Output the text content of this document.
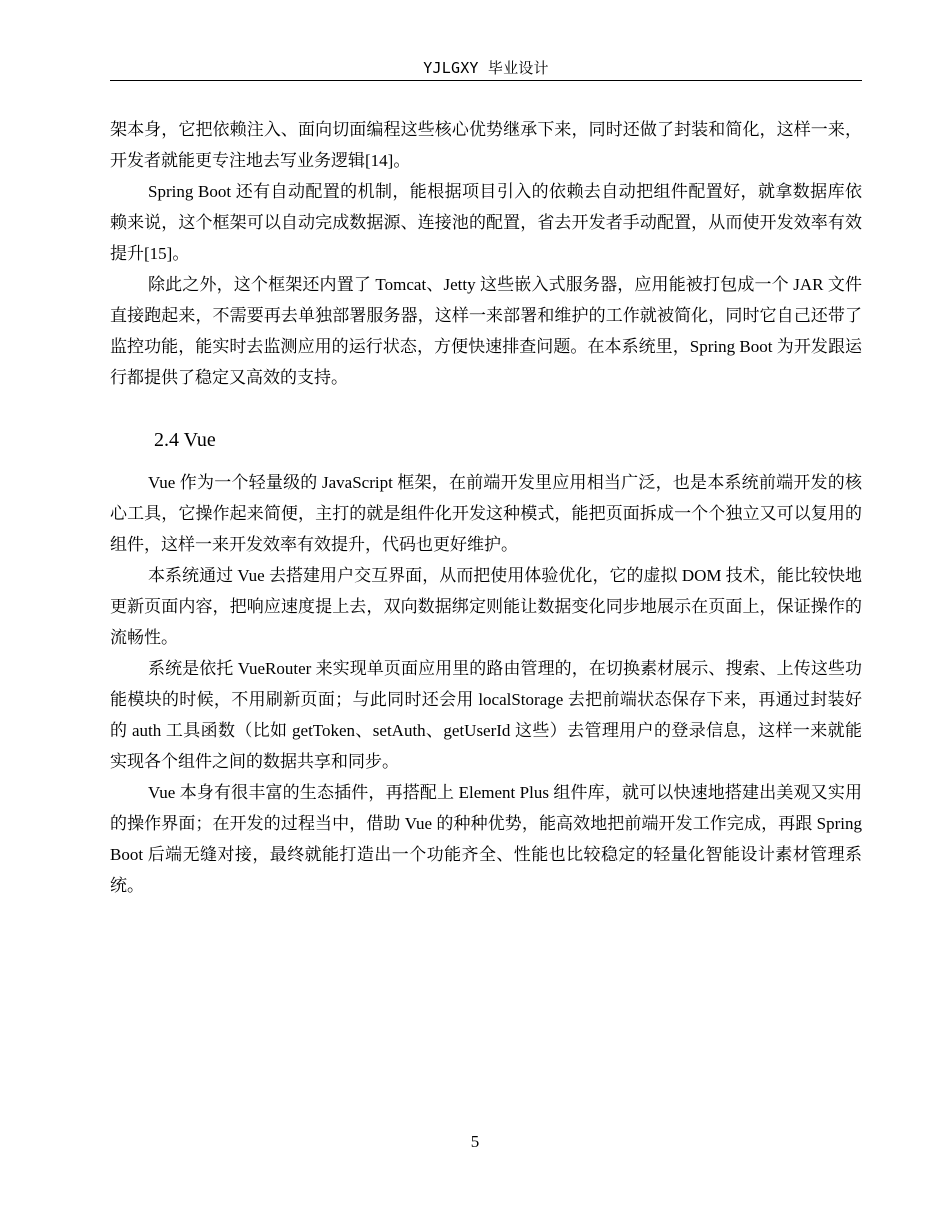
YJLGXY 毕业设计

架本身，它把依赖注入、面向切面编程这些核心优势继承下来，同时还做了封装和简化，这样一来，开发者就能更专注地去写业务逻辑[14]。

Spring Boot 还有自动配置的机制，能根据项目引入的依赖去自动把组件配置好，就拿数据库依赖来说，这个框架可以自动完成数据源、连接池的配置，省去开发者手动配置，从而使开发效率有效提升[15]。

除此之外，这个框架还内置了 Tomcat、Jetty 这些嵌入式服务器，应用能被打包成一个 JAR 文件直接跑起来，不需要再去单独部署服务器，这样一来部署和维护的工作就被简化，同时它自己还带了监控功能，能实时去监测应用的运行状态，方便快速排查问题。在本系统里，Spring Boot 为开发跟运行都提供了稳定又高效的支持。

2.4 Vue

Vue 作为一个轻量级的 JavaScript 框架，在前端开发里应用相当广泛，也是本系统前端开发的核心工具，它操作起来简便，主打的就是组件化开发这种模式，能把页面拆成一个个独立又可以复用的组件，这样一来开发效率有效提升，代码也更好维护。

本系统通过 Vue 去搭建用户交互界面，从而把使用体验优化，它的虚拟 DOM 技术，能比较快地更新页面内容，把响应速度提上去，双向数据绑定则能让数据变化同步地展示在页面上，保证操作的流畅性。

系统是依托 VueRouter 来实现单页面应用里的路由管理的，在切换素材展示、搜索、上传这些功能模块的时候，不用刷新页面；与此同时还会用 localStorage 去把前端状态保存下来，再通过封装好的 auth 工具函数（比如 getToken、setAuth、getUserId 这些）去管理用户的登录信息，这样一来就能实现各个组件之间的数据共享和同步。

Vue 本身有很丰富的生态插件，再搭配上 Element Plus 组件库，就可以快速地搭建出美观又实用的操作界面；在开发的过程当中，借助 Vue 的种种优势，能高效地把前端开发工作完成，再跟 Spring Boot 后端无缝对接，最终就能打造出一个功能齐全、性能也比较稳定的轻量化智能设计素材管理系统。

5
